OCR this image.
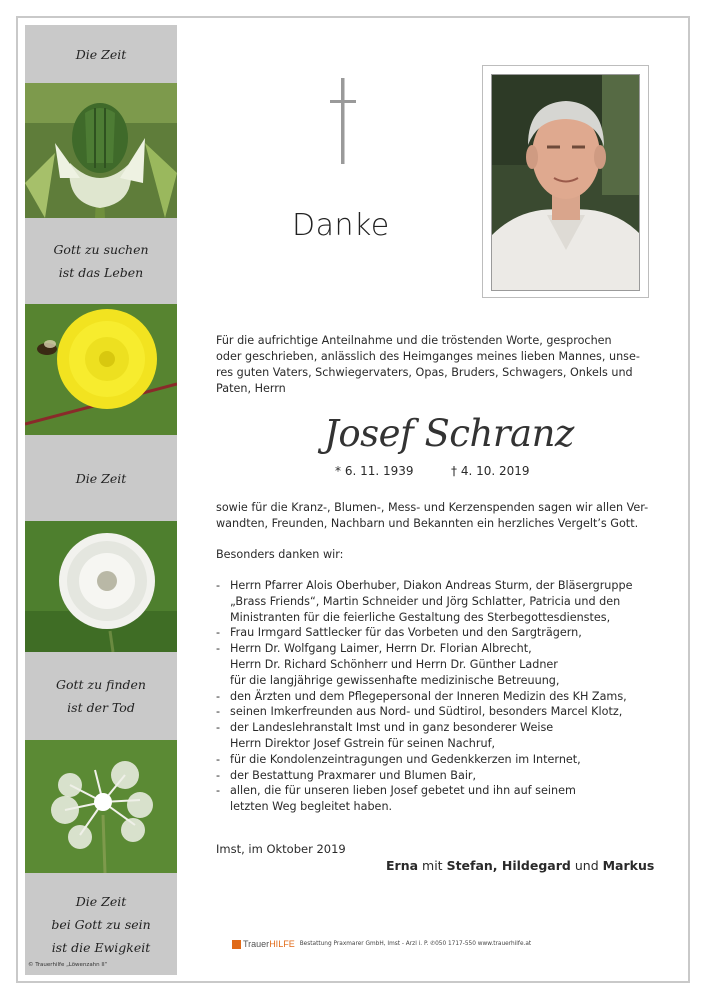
Die Zeit
Gott zu suchen
ist das Leben
Die Zeit
Gott zu finden
ist der Tod
Die Zeit
bei Gott zu sein
ist die Ewigkeit
© Trauerhilfe „Löwenzahn II“
Danke
Für die aufrichtige Anteilnahme und die tröstenden Worte, gesprochen
oder geschrieben, anlässlich des Heimganges meines lieben Mannes, unse-
res guten Vaters, Schwiegervaters, Opas, Bruders, Schwagers, Onkels und
Paten, Herrn
Josef Schranz
* 6. 11. 1939	† 4. 10. 2019
sowie für die Kranz-, Blumen-, Mess- und Kerzenspenden sagen wir allen Ver-
wandten, Freunden, Nachbarn und Bekannten ein herzliches Vergelt’s Gott.
Besonders danken wir:
- Herrn Pfarrer Alois Oberhuber, Diakon Andreas Sturm, der Bläsergruppe
„Brass Friends“, Martin Schneider und Jörg Schlatter, Patricia und den
Ministranten für die feierliche Gestaltung des Sterbegottesdienstes,
- Frau Irmgard Sattlecker für das Vorbeten und den Sargträgern,
- Herrn Dr. Wolfgang Laimer, Herrn Dr. Florian Albrecht,
Herrn Dr. Richard Schönherr und Herrn Dr. Günther Ladner
für die langjährige gewissenhafte medizinische Betreuung,
- den Ärzten und dem Pflegepersonal der Inneren Medizin des KH Zams,
- seinen Imkerfreunden aus Nord- und Südtirol, besonders Marcel Klotz,
- der Landeslehranstalt Imst und in ganz besonderer Weise
Herrn Direktor Josef Gstrein für seinen Nachruf,
- für die Kondolenzeintragungen und Gedenkkerzen im Internet,
- der Bestattung Praxmarer und Blumen Bair,
- allen, die für unseren lieben Josef gebetet und ihn auf seinem
letzten Weg begleitet haben.
Imst, im Oktober 2019
Erna mit Stefan, Hildegard und Markus
Trauer HILFE Bestattung Praxmarer GmbH, Imst - Arzl i. P. ✆050 1717-550 www.trauerhilfe.at
